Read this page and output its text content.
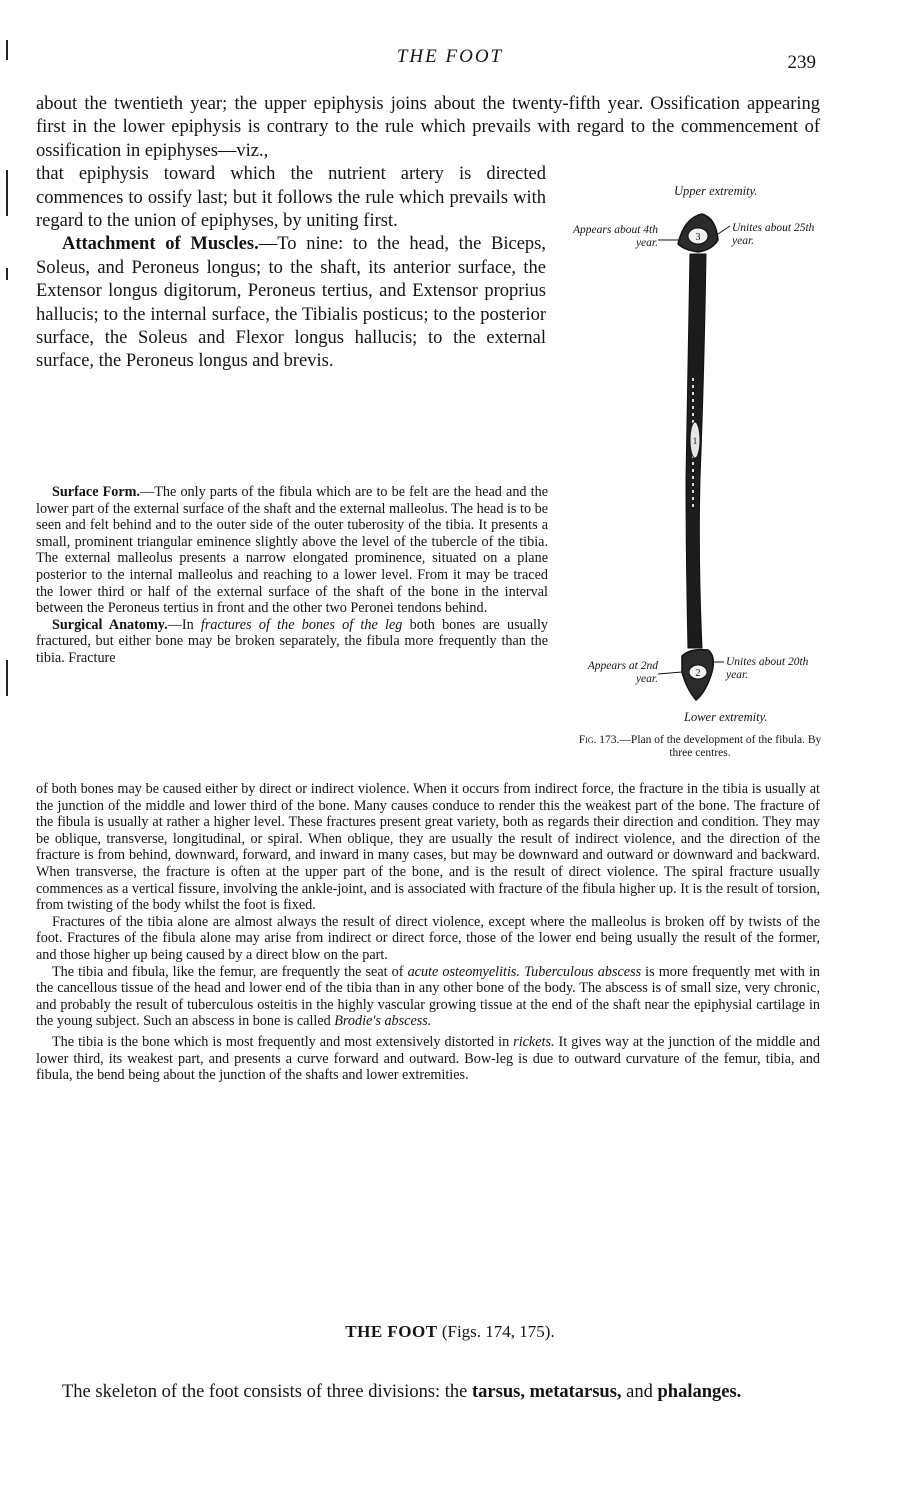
THE FOOT	239

about the twentieth year; the upper epiphysis joins about the twenty-fifth year. Ossification appearing first in the lower epiphysis is contrary to the rule which prevails with regard to the commencement of ossification in epiphyses—viz.,

that epiphysis toward which the nutrient artery is directed commences to ossify last; but it follows the rule which prevails with regard to the union of epiphyses, by uniting first.

Attachment of Muscles.—To nine: to the head, the Biceps, Soleus, and Peroneus longus; to the shaft, its anterior surface, the Extensor longus digitorum, Peroneus tertius, and Extensor proprius hallucis; to the internal surface, the Tibialis posticus; to the posterior surface, the Soleus and Flexor longus hallucis; to the external surface, the Peroneus longus and brevis.

Surface Form.—The only parts of the fibula which are to be felt are the head and the lower part of the external surface of the shaft and the external malleolus. The head is to be seen and felt behind and to the outer side of the outer tuberosity of the tibia. It presents a small, prominent triangular eminence slightly above the level of the tubercle of the tibia. The external malleolus presents a narrow elongated prominence, situated on a plane posterior to the internal malleolus and reaching to a lower level. From it may be traced the lower third or half of the external surface of the shaft of the bone in the interval between the Peroneus tertius in front and the other two Peronei tendons behind.

Surgical Anatomy.—In fractures of the bones of the leg both bones are usually fractured, but either bone may be broken separately, the fibula more frequently than the tibia. Fracture

of both bones may be caused either by direct or indirect violence. When it occurs from indirect force, the fracture in the tibia is usually at the junction of the middle and lower third of the bone. Many causes conduce to render this the weakest part of the bone. The fracture of the fibula is usually at rather a higher level. These fractures present great variety, both as regards their direction and condition. They may be oblique, transverse, longitudinal, or spiral. When oblique, they are usually the result of indirect violence, and the direction of the fracture is from behind, downward, forward, and inward in many cases, but may be downward and outward or downward and backward. When transverse, the fracture is often at the upper part of the bone, and is the result of direct violence. The spiral fracture usually commences as a vertical fissure, involving the ankle-joint, and is associated with fracture of the fibula higher up. It is the result of torsion, from twisting of the body whilst the foot is fixed.

Fractures of the tibia alone are almost always the result of direct violence, except where the malleolus is broken off by twists of the foot. Fractures of the fibula alone may arise from indirect or direct force, those of the lower end being usually the result of the former, and those higher up being caused by a direct blow on the part.

The tibia and fibula, like the femur, are frequently the seat of acute osteomyelitis. Tuberculous abscess is more frequently met with in the cancellous tissue of the head and lower end of the tibia than in any other bone of the body. The abscess is of small size, very chronic, and probably the result of tuberculous osteitis in the highly vascular growing tissue at the end of the shaft near the epiphysial cartilage in the young subject. Such an abscess in bone is called Brodie's abscess.

The tibia is the bone which is most frequently and most extensively distorted in rickets. It gives way at the junction of the middle and lower third, its weakest part, and presents a curve forward and outward. Bow-leg is due to outward curvature of the femur, tibia, and fibula, the bend being about the junction of the shafts and lower extremities.

Upper extremity.
3
1
2
Appears about 4th year.
Unites about 25th year.
Appears at 2nd year.
Unites about 20th year.
Lower extremity.
Fig. 173.—Plan of the development of the fibula. By three centres.
THE FOOT (Figs. 174, 175).

The skeleton of the foot consists of three divisions: the tarsus, metatarsus, and phalanges.
